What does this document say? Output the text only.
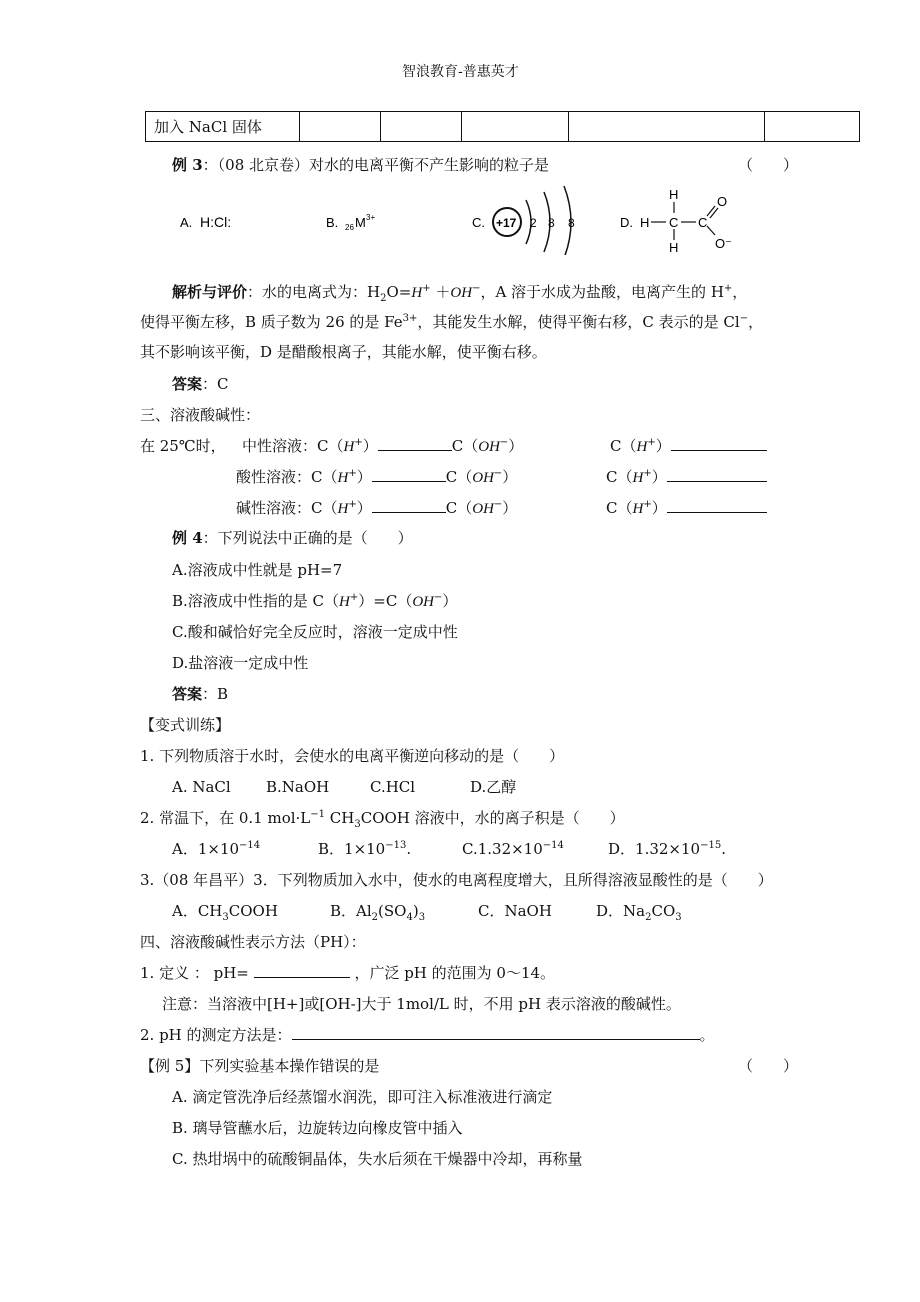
智浪教育-普惠英才
加入 NaCl 固体					
例 3：（08 北京卷）对水的电离平衡不产生影响的粒子是	（　　）
A. H:Cl:	B. 26 M 3+	C. +17 2 8 8	D. H C
H
H
C
O
O⁻
解析与评价：水的电离式为：$H_2O=H^+ +OH^-$，A 溶于水成为盐酸，电离产生的 H+，
使得平衡左移，B 质子数为 26 的是 $Fe^{3+}$，其能发生水解，使得平衡右移，C 表示的是 Cl−，
其不影响该平衡，D 是醋酸根离子，其能水解，使平衡右移。
答案：C
三、溶液酸碱性：
在 25℃时， 中性溶液：C（H+）	C（OH−）	C（H+）
酸性溶液：C（H+）	C（OH−）	C（H+）
碱性溶液：C（H+）	C（OH−）	C（H+）
例 4：下列说法中正确的是（　　）
A.溶液成中性就是 pH=7
B.溶液成中性指的是 C（H+）=C（OH−）
C.酸和碱恰好完全反应时，溶液一定成中性
D.盐溶液一定成中性
答案：B
【变式训练】
1. 下列物质溶于水时，会使水的电离平衡逆向移动的是（　　）
A. NaCl B.NaOH	C.HCl	D.乙醇
2. 常温下，在 0.1 $mol\cdot L^{-1}$ $CH_3COOH$ 溶液中，水的离子积是（　　）
A．$1\times 10^{-14}$	B．$1\times 10^{-13}$.	$C.1.32\times 10^{-14}$	D．$1.32\times 10^{-15}$.
3.（08 年昌平）3．下列物质加入水中，使水的电离程度增大，且所得溶液显酸性的是（　　）
A．$CH_3COOH$	B．$Al_2(SO_4)_3$	C．NaOH	D．$Na_2CO_3$
四、溶液酸碱性表示方法（PH）：
1. 定义 ： pH=	，广泛 pH 的范围为 0～14。
注意：当溶液中[H+]或[OH-]大于 1mol/L 时，不用 pH 表示溶液的酸碱性。
2. pH 的测定方法是：	。
【例 5】下列实验基本操作错误的是	（　　）
A. 滴定管洗净后经蒸馏水润洗，即可注入标准液进行滴定
B. 璃导管蘸水后，边旋转边向橡皮管中插入
C. 热坩埚中的硫酸铜晶体，失水后须在干燥器中冷却，再称量
